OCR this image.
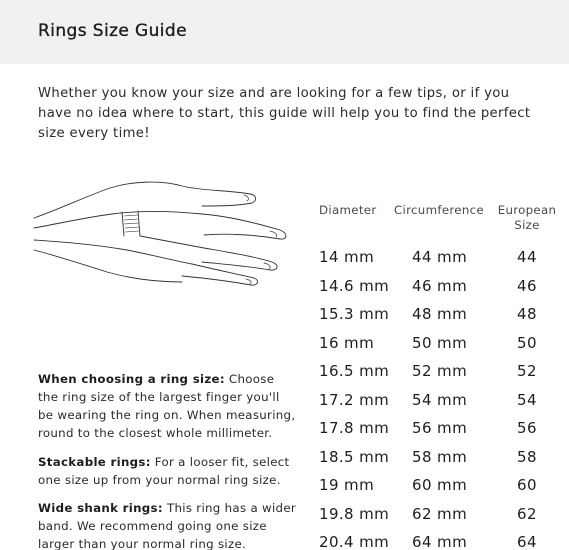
Rings Size Guide

Whether you know your size and are looking for a few tips, or if you have no idea where to start, this guide will help you to find the perfect size every time!

When choosing a ring size: Choose the ring size of the largest finger you'll be wearing the ring on. When measuring, round to the closest whole millimeter.

Stackable rings: For a looser fit, select one size up from your normal ring size.

Wide shank rings: This ring has a wider band. We recommend going one size larger than your normal ring size.

Diameter Circumference European
Size
14 mm	44 mm	44
14.6 mm 46 mm	46
15.3 mm 48 mm	48
16 mm	50 mm	50
16.5 mm 52 mm	52
17.2 mm 54 mm	54
17.8 mm 56 mm	56
18.5 mm 58 mm	58
19 mm	60 mm	60
19.8 mm 62 mm	62
20.4 mm 64 mm	64
